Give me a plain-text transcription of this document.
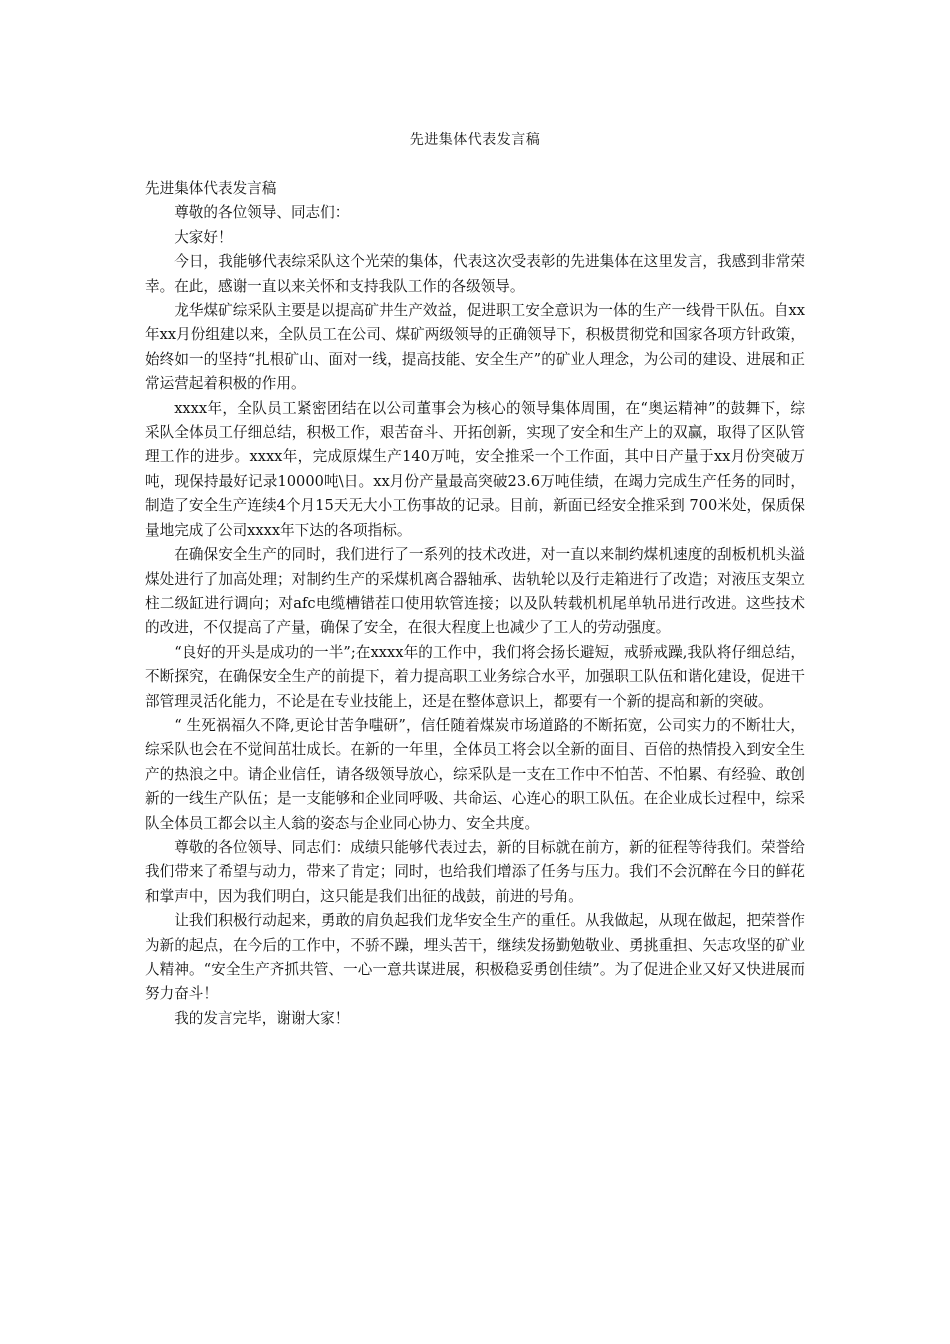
先进集体代表发言稿

先进集体代表发言稿

尊敬的各位领导、同志们：

大家好！

今日，我能够代表综采队这个光荣的集体，代表这次受表彰的先进集体在这里发言，我感到非常荣幸。在此，感谢一直以来关怀和支持我队工作的各级领导。

龙华煤矿综采队主要是以提高矿井生产效益，促进职工安全意识为一体的生产一线骨干队伍。自xx年xx月份组建以来，全队员工在公司、煤矿两级领导的正确领导下，积极贯彻党和国家各项方针政策，始终如一的坚持“扎根矿山、面对一线，提高技能、安全生产”的矿业人理念，为公司的建设、进展和正常运营起着积极的作用。

xxxx年，全队员工紧密团结在以公司董事会为核心的领导集体周围，在“奥运精神”的鼓舞下，综采队全体员工仔细总结，积极工作，艰苦奋斗、开拓创新，实现了安全和生产上的双赢，取得了区队管理工作的进步。xxxx年，完成原煤生产140万吨，安全推采一个工作面，其中日产量于xx月份突破万吨，现保持最好记录10000吨\日。xx月份产量最高突破23.6万吨佳绩，在竭力完成生产任务的同时，制造了安全生产连续4个月15天无大小工伤事故的记录。目前，新面已经安全推采到 700米处，保质保量地完成了公司xxxx年下达的各项指标。

在确保安全生产的同时，我们进行了一系列的技术改进，对一直以来制约煤机速度的刮板机机头溢煤处进行了加高处理；对制约生产的采煤机离合器轴承、齿轨轮以及行走箱进行了改造；对液压支架立柱二级缸进行调向；对afc电缆槽错茬口使用软管连接；以及队转载机机尾单轨吊进行改进。这些技术的改进，不仅提高了产量，确保了安全，在很大程度上也减少了工人的劳动强度。

“良好的开头是成功的一半”;在xxxx年的工作中，我们将会扬长避短，戒骄戒躁,我队将仔细总结，不断探究，在确保安全生产的前提下，着力提高职工业务综合水平，加强职工队伍和谐化建设，促进干部管理灵活化能力，不论是在专业技能上，还是在整体意识上，都要有一个新的提高和新的突破。

“ 生死祸福久不降,更论甘苦争嗤研”，信任随着煤炭市场道路的不断拓宽，公司实力的不断壮大，综采队也会在不觉间茁壮成长。在新的一年里，全体员工将会以全新的面目、百倍的热情投入到安全生产的热浪之中。请企业信任，请各级领导放心，综采队是一支在工作中不怕苦、不怕累、有经验、敢创新的一线生产队伍；是一支能够和企业同呼吸、共命运、心连心的职工队伍。在企业成长过程中，综采队全体员工都会以主人翁的姿态与企业同心协力、安全共度。

尊敬的各位领导、同志们：成绩只能够代表过去，新的目标就在前方，新的征程等待我们。荣誉给我们带来了希望与动力，带来了肯定；同时，也给我们增添了任务与压力。我们不会沉醉在今日的鲜花和掌声中，因为我们明白，这只能是我们出征的战鼓，前进的号角。

让我们积极行动起来，勇敢的肩负起我们龙华安全生产的重任。从我做起，从现在做起，把荣誉作为新的起点，在今后的工作中，不骄不躁，埋头苦干，继续发扬勤勉敬业、勇挑重担、矢志攻坚的矿业人精神。“安全生产齐抓共管、一心一意共谋进展，积极稳妥勇创佳绩”。为了促进企业又好又快进展而努力奋斗！

我的发言完毕，谢谢大家！
